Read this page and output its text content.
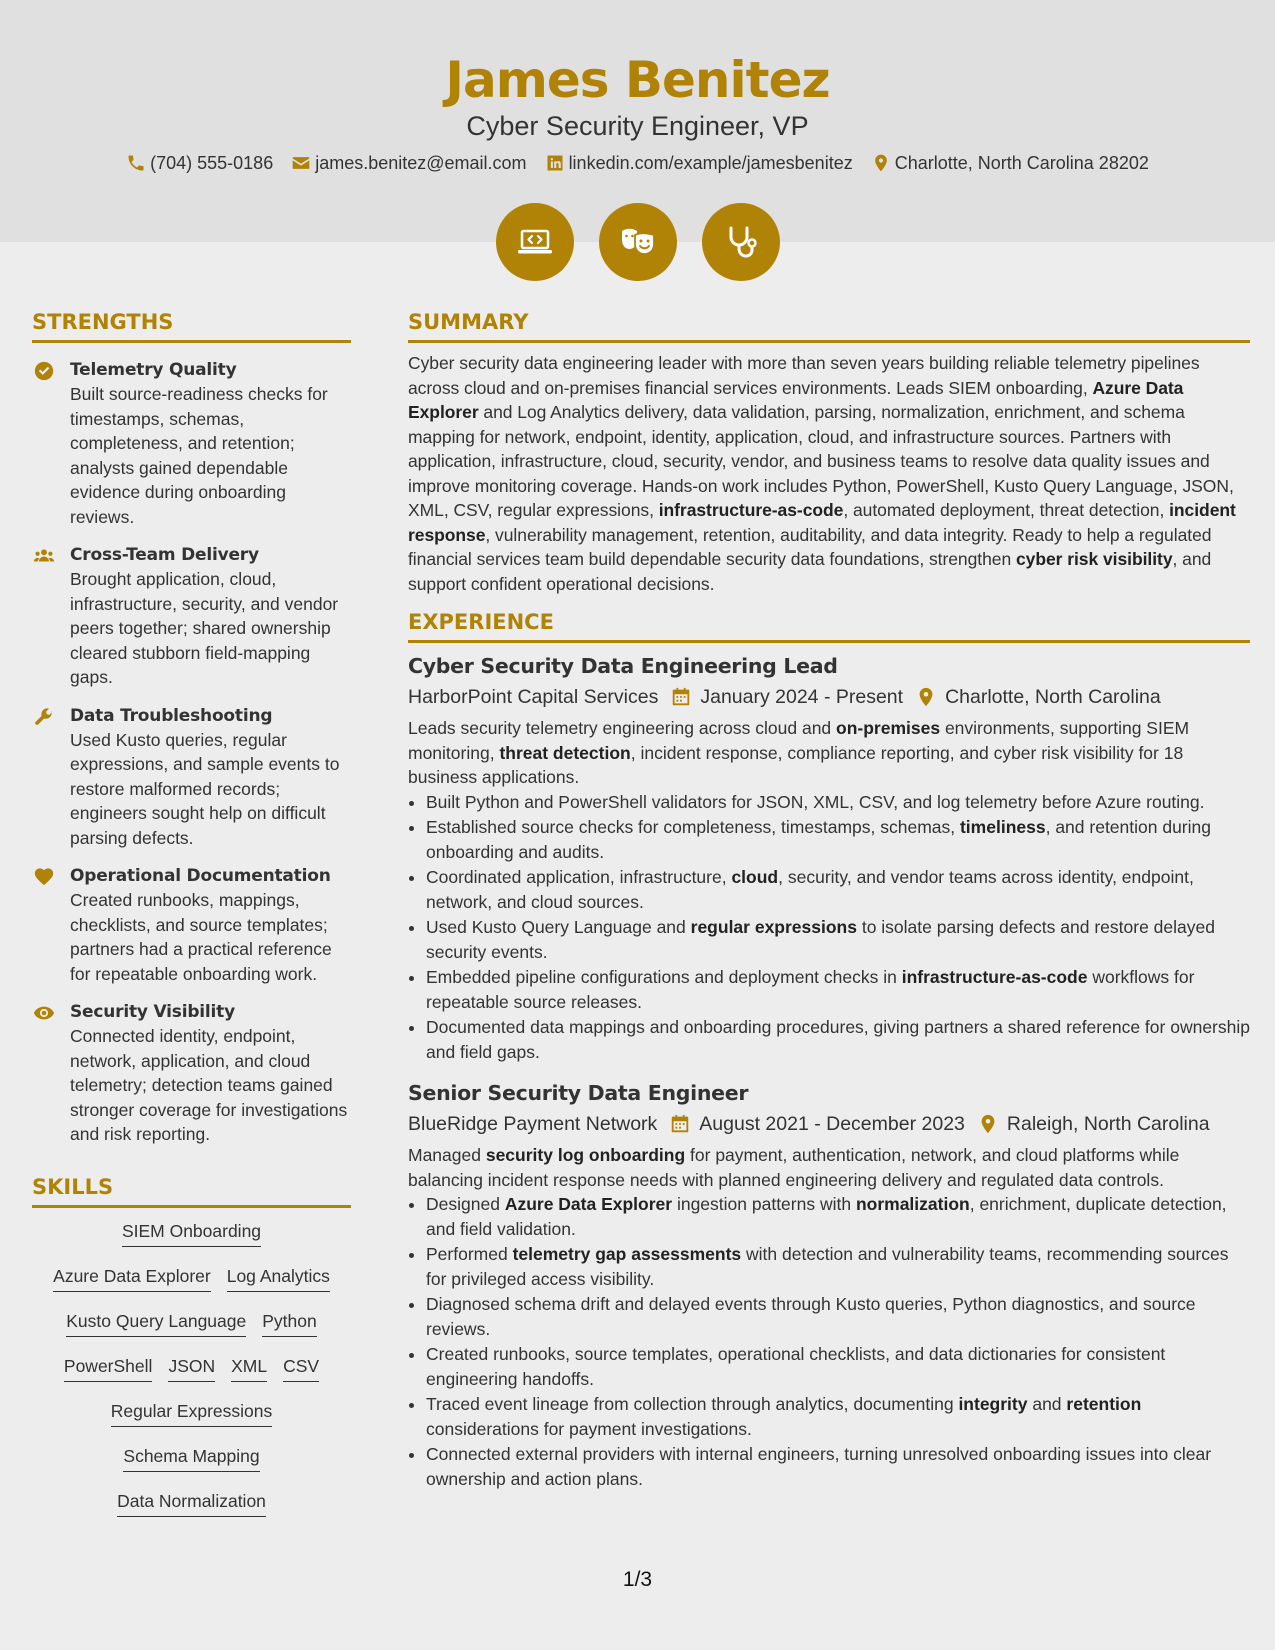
James Benitez
Cyber Security Engineer, VP
(704) 555-0186 james.benitez@email.com linkedin.com/example/jamesbenitez Charlotte, North Carolina 28202
STRENGTHS
Telemetry Quality
Built source-readiness checks for timestamps, schemas, completeness, and retention; analysts gained dependable evidence during onboarding reviews.
Cross-Team Delivery
Brought application, cloud, infrastructure, security, and vendor peers together; shared ownership cleared stubborn field-mapping gaps.
Data Troubleshooting
Used Kusto queries, regular expressions, and sample events to restore malformed records; engineers sought help on difficult parsing defects.
Operational Documentation
Created runbooks, mappings, checklists, and source templates; partners had a practical reference for repeatable onboarding work.
Security Visibility
Connected identity, endpoint, network, application, and cloud telemetry; detection teams gained stronger coverage for investigations and risk reporting.
SKILLS
SIEM Onboarding
Azure Data Explorer Log Analytics
Kusto Query Language Python
PowerShell JSON XML CSV
Regular Expressions
Schema Mapping
Data Normalization
SUMMARY

Cyber security data engineering leader with more than seven years building reliable telemetry pipelines across cloud and on-premises financial services environments. Leads SIEM onboarding, Azure Data Explorer and Log Analytics delivery, data validation, parsing, normalization, enrichment, and schema mapping for network, endpoint, identity, application, cloud, and infrastructure sources. Partners with application, infrastructure, cloud, security, vendor, and business teams to resolve data quality issues and improve monitoring coverage. Hands-on work includes Python, PowerShell, Kusto Query Language, JSON, XML, CSV, regular expressions, infrastructure-as-code, automated deployment, threat detection, incident response, vulnerability management, retention, auditability, and data integrity. Ready to help a regulated financial services team build dependable security data foundations, strengthen cyber risk visibility, and support confident operational decisions.

EXPERIENCE
Cyber Security Data Engineering Lead
HarborPoint Capital Services January 2024 - Present Charlotte, North Carolina

Leads security telemetry engineering across cloud and on-premises environments, supporting SIEM monitoring, threat detection, incident response, compliance reporting, and cyber risk visibility for 18 business applications.

• Built Python and PowerShell validators for JSON, XML, CSV, and log telemetry before Azure routing.
• Established source checks for completeness, timestamps, schemas, timeliness, and retention during onboarding and audits.
• Coordinated application, infrastructure, cloud, security, and vendor teams across identity, endpoint, network, and cloud sources.
• Used Kusto Query Language and regular expressions to isolate parsing defects and restore delayed security events.
• Embedded pipeline configurations and deployment checks in infrastructure-as-code workflows for repeatable source releases.
• Documented data mappings and onboarding procedures, giving partners a shared reference for ownership and field gaps.
Senior Security Data Engineer
BlueRidge Payment Network August 2021 - December 2023 Raleigh, North Carolina

Managed security log onboarding for payment, authentication, network, and cloud platforms while balancing incident response needs with planned engineering delivery and regulated data controls.

• Designed Azure Data Explorer ingestion patterns with normalization, enrichment, duplicate detection, and field validation.
• Performed telemetry gap assessments with detection and vulnerability teams, recommending sources for privileged access visibility.
• Diagnosed schema drift and delayed events through Kusto queries, Python diagnostics, and source reviews.
• Created runbooks, source templates, operational checklists, and data dictionaries for consistent engineering handoffs.
• Traced event lineage from collection through analytics, documenting integrity and retention considerations for payment investigations.
• Connected external providers with internal engineers, turning unresolved onboarding issues into clear ownership and action plans.
1/3
